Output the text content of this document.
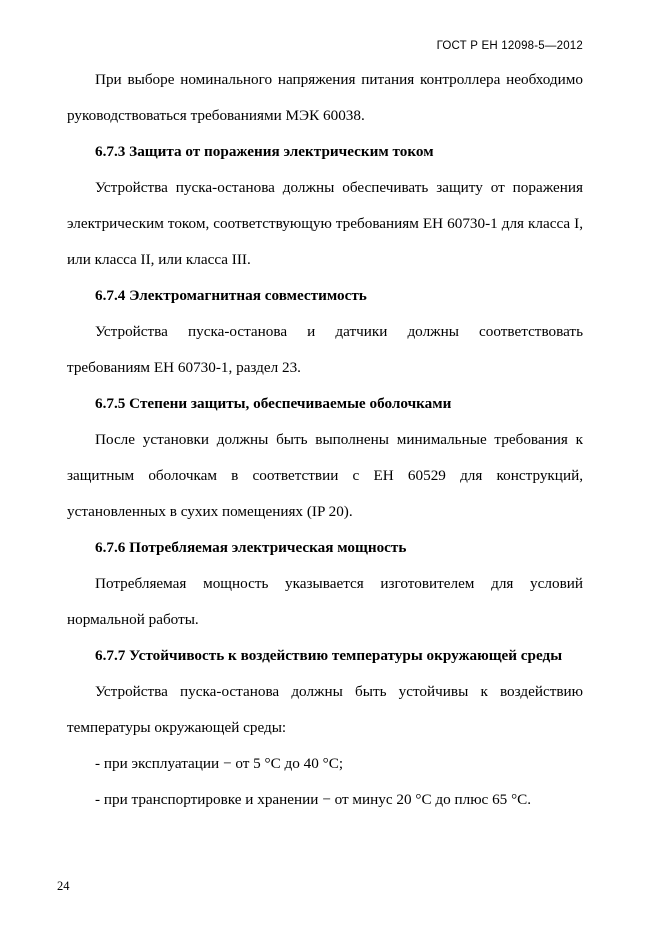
ГОСТ Р ЕН 12098-5—2012

При выборе номинального напряжения питания контроллера необходимо руководствоваться требованиями МЭК 60038.

6.7.3 Защита от поражения электрическим током

Устройства пуска-останова должны обеспечивать защиту от поражения электрическим током, соответствующую требованиям ЕН 60730-1 для класса I, или класса II, или класса III.

6.7.4 Электромагнитная совместимость

Устройства пуска-останова и датчики должны соответствовать требованиям ЕН 60730-1, раздел 23.

6.7.5 Степени защиты, обеспечиваемые оболочками

После установки должны быть выполнены минимальные требования к защитным оболочкам в соответствии с ЕН 60529 для конструкций, установленных в сухих помещениях (IP 20).

6.7.6 Потребляемая электрическая мощность

Потребляемая мощность указывается изготовителем для условий нормальной работы.

6.7.7 Устойчивость к воздействию температуры окружающей среды

Устройства пуска-останова должны быть устойчивы к воздействию температуры окружающей среды:

- при эксплуатации − от 5 °C до 40 °C;

- при транспортировке и хранении − от минус 20 °C до плюс 65 °C.

24
